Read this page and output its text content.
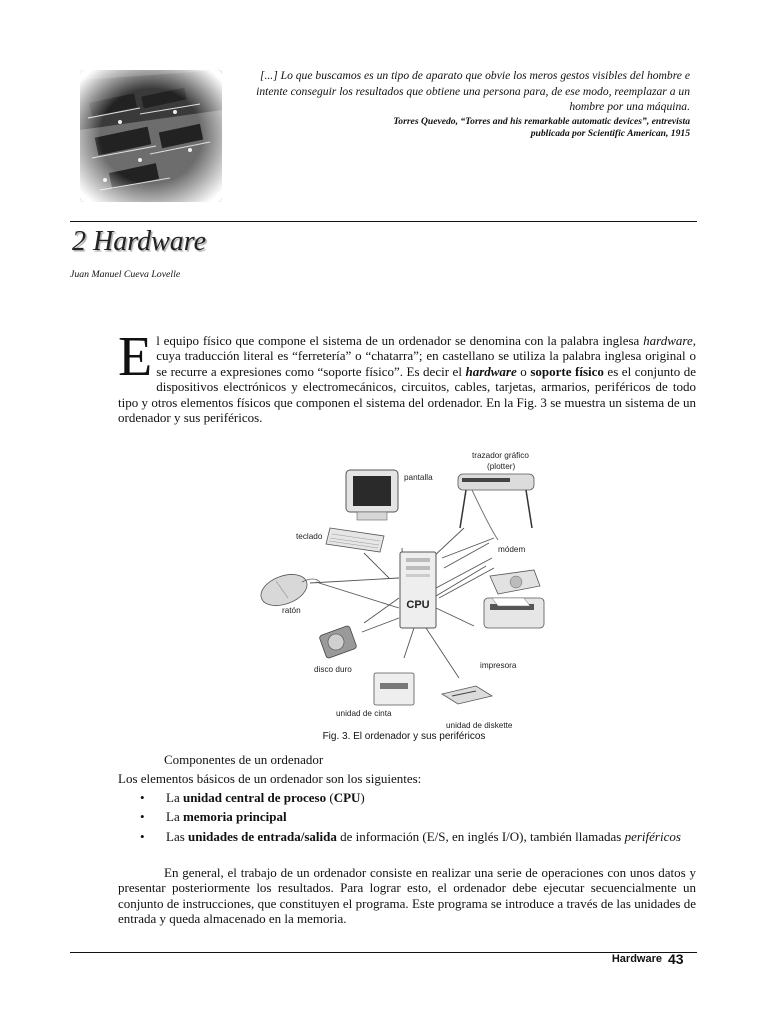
[...] Lo que buscamos es un tipo de aparato que obvie los meros gestos visibles del hombre e intente conseguir los resultados que obtiene una persona para, de ese modo, reemplazar a un hombre por una máquina.
Torres Quevedo, “Torres and his remarkable automatic devices”, entrevista
publicada por Scientific American, 1915
2 Hardware
Juan Manuel Cueva Lovelle
El equipo físico que compone el sistema de un ordenador se denomina con la palabra inglesa hardware, cuya traducción literal es “ferretería” o “chatarra”; en castellano se utiliza la palabra inglesa original o se recurre a expresiones como “soporte físico”. Es decir el hardware o soporte físico es el conjunto de dispositivos electrónicos y electromecánicos, circuitos, cables, tarjetas, armarios, periféricos de todo tipo y otros elementos físicos que componen el sistema del ordenador. En la Fig. 3 se muestra un sistema de un ordenador y sus periféricos.
pantalla
trazador gráfico
(plotter)
teclado
CPU
módem
ratón
impresora
disco duro
unidad de cinta
unidad de diskette
Fig. 3. El ordenador y sus periféricos
Componentes de un ordenador
Los elementos básicos de un ordenador son los siguientes:
• La unidad central de proceso (CPU)
• La memoria principal
• Las unidades de entrada/salida de información (E/S, en inglés I/O), también llamadas periféricos
En general, el trabajo de un ordenador consiste en realizar una serie de operaciones con unos datos y presentar posteriormente los resultados. Para lograr esto, el ordenador debe ejecutar secuencialmente un conjunto de instrucciones, que constituyen el programa. Este programa se introduce a través de las unidades de entrada y queda almacenado en la memoria.
Hardware 43
